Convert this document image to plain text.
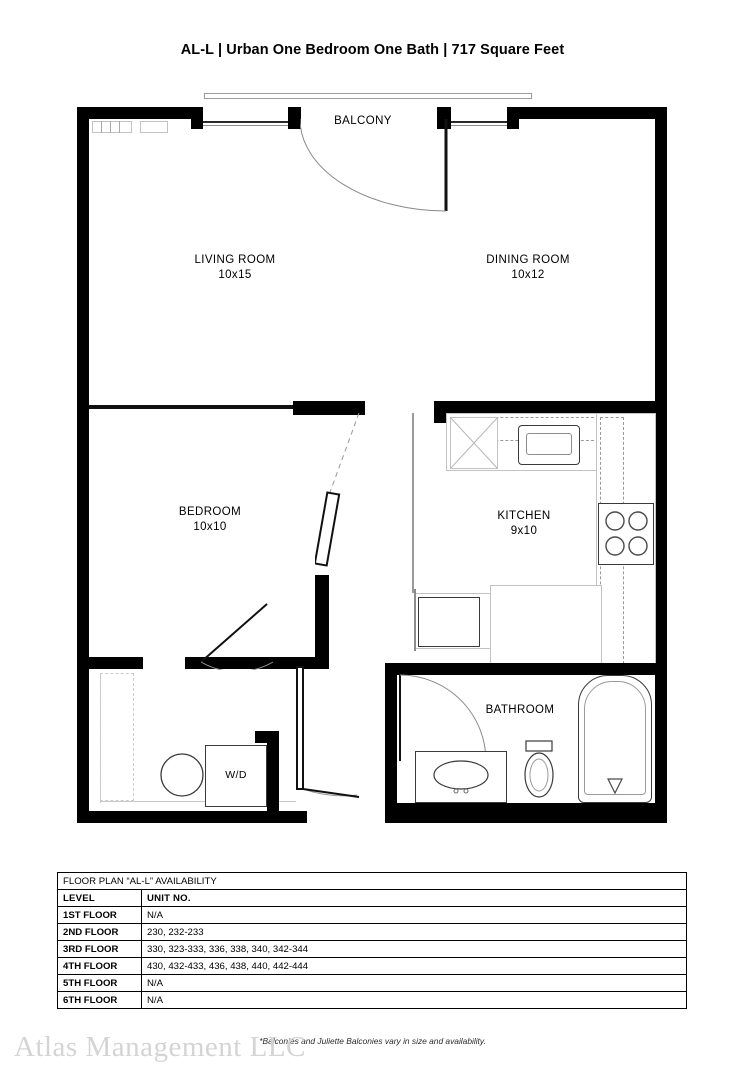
AL-L | Urban One Bedroom One Bath | 717 Square Feet
BALCONY
LIVING ROOM
10x15
DINING ROOM
10x12
BEDROOM
10x10
KITCHEN
9x10
BATHROOM
W/D
FLOOR PLAN “AL-L” AVAILABILITY	
LEVEL	UNIT NO.
1ST FLOOR	N/A
2ND FLOOR	230, 232-233
3RD FLOOR	330, 323-333, 336, 338, 340, 342-344
4TH FLOOR	430, 432-433, 436, 438, 440, 442-444
5TH FLOOR	N/A
6TH FLOOR	N/A
*Balconies and Juliette Balconies vary in size and availability.
Atlas Management LLC
